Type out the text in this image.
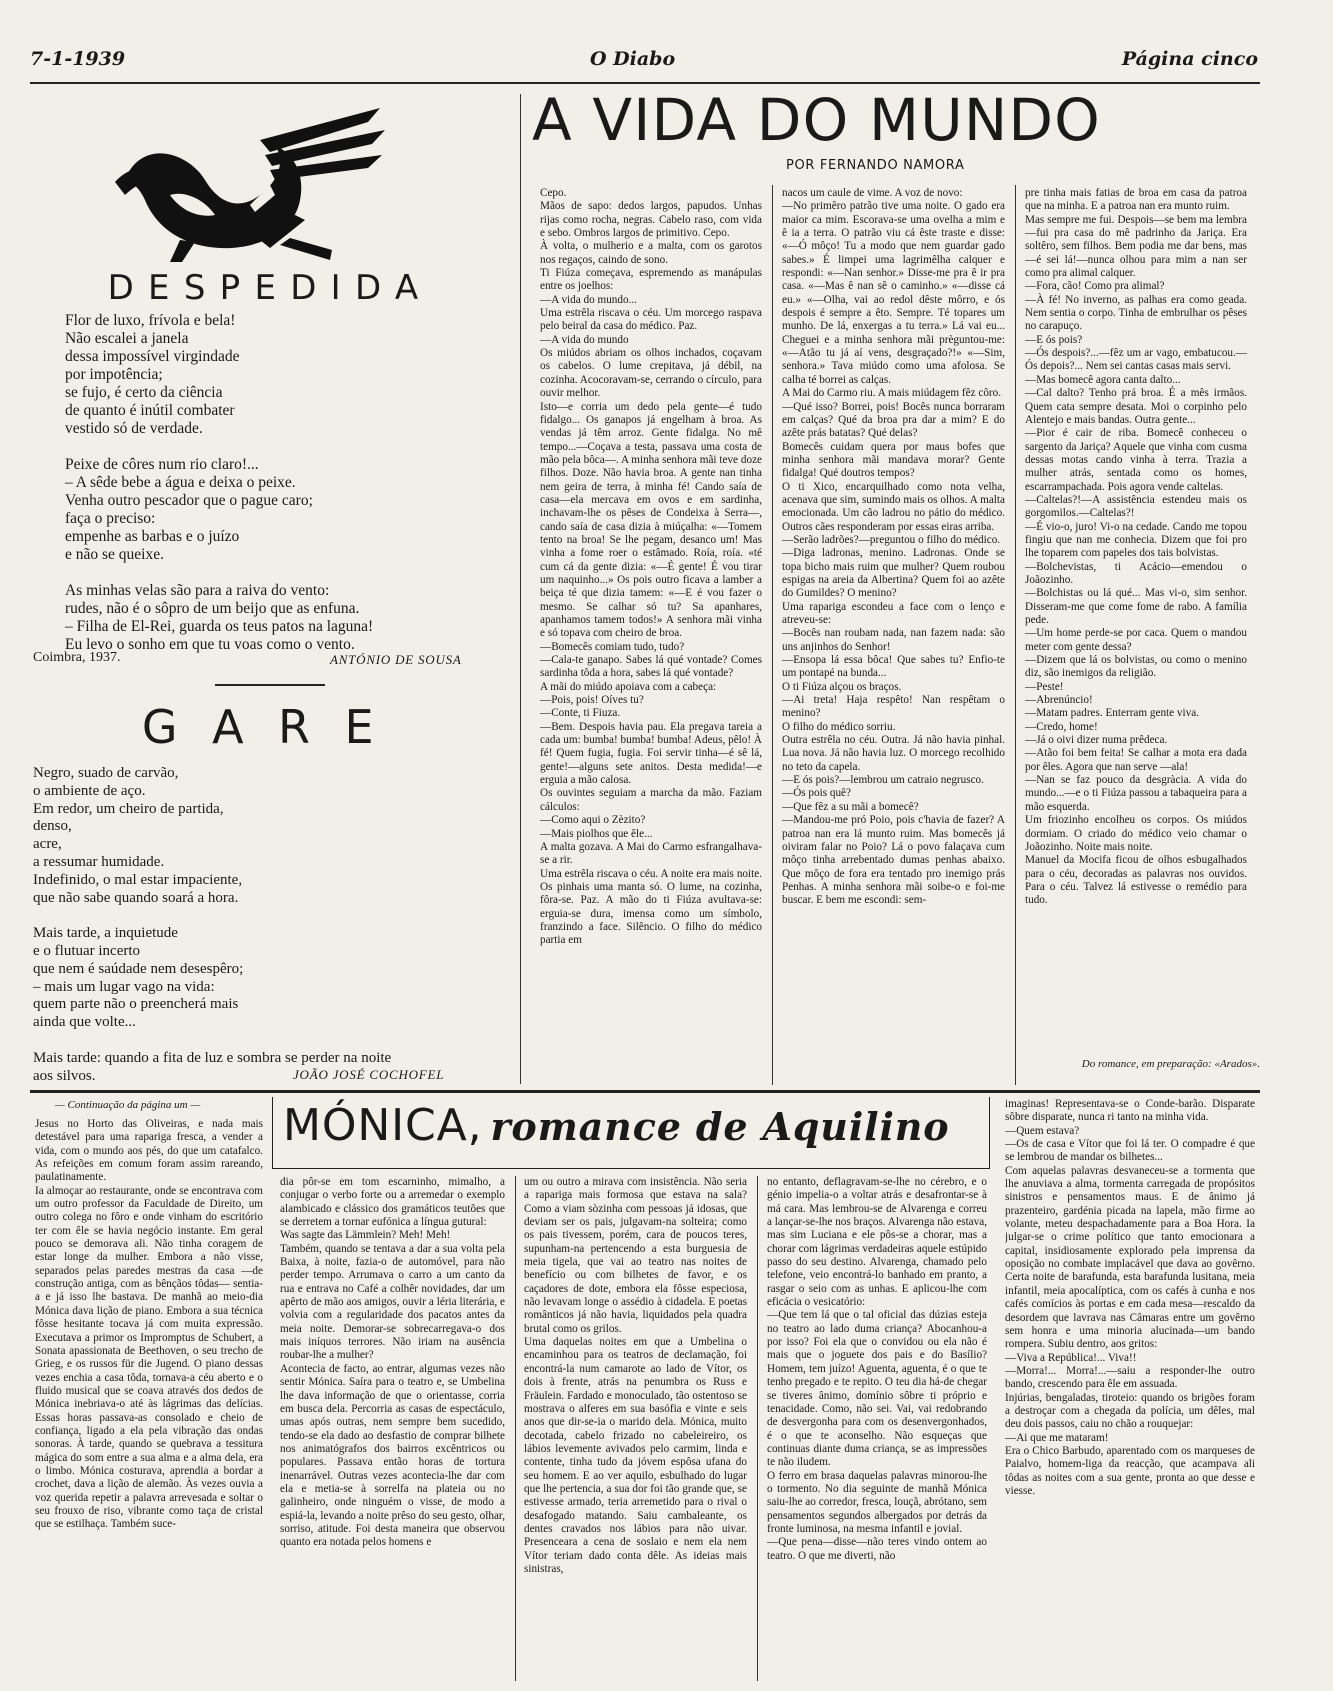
7-1-1939	O Diabo	Página cinco
DESPEDIDA
Flor de luxo, frívola e bela!
Não escalei a janela
dessa impossível virgindade
por impotência;
se fujo, é certo da ciência
de quanto é inútil combater
vestido só de verdade.

Peixe de côres num rio claro!...
– A sêde bebe a água e deixa o peixe.
Venha outro pescador que o pague caro;
faça o preciso:
empenhe as barbas e o juízo
e não se queixe.

As minhas velas são para a raiva do vento:
rudes, não é o sôpro de um beijo que as enfuna.
– Filha de El-Rei, guarda os teus patos na laguna!
Eu levo o sonho em que tu voas como o vento.
Coimbra, 1937.	ANTÓNIO DE SOUSA
GARE
Negro, suado de carvão,
o ambiente de aço.
Em redor, um cheiro de partida,
denso,
acre,
a ressumar humidade.
Indefinido, o mal estar impaciente,
que não sabe quando soará a hora.

Mais tarde, a inquietude
e o flutuar incerto
que nem é saúdade nem desespêro;
– mais um lugar vago na vida:
quem parte não o preencherá mais
ainda que volte...

Mais tarde: quando a fita de luz e sombra se perder na noite
aos silvos.	JOÃO JOSÉ COCHOFEL
A VIDA DO MUNDO
POR FERNANDO NAMORA
Cepo.
Mãos de sapo: dedos largos, papudos. Unhas rijas como rocha, negras. Cabelo raso, com vida e sebo. Ombros largos de primitivo. Cepo.
À volta, o mulherio e a malta, com os garotos nos regaços, caindo de sono.
Ti Fiúza começava, espremendo as manápulas entre os joelhos:
—A vida do mundo...
Uma estrêla riscava o céu. Um morcego raspava pelo beiral da casa do médico. Paz.
—A vida do mundo
Os miúdos abriam os olhos inchados, coçavam os cabelos. O lume crepitava, já débil, na cozinha. Acocoravam-se, cerrando o círculo, para ouvir melhor.
Isto—e corria um dedo pela gente—é tudo fidalgo... Os ganapos já engelham à broa. As vendas já têm arroz. Gente fidalga. No mê tempo...—Coçava a testa, passava uma costa de mão pela bôca—. A minha senhora mãi teve doze filhos. Doze. Não havia broa. A gente nan tinha nem geira de terra, à minha fé! Cando saía de casa—ela mercava em ovos e em sardinha, inchavam-lhe os pêses de Condeixa à Serra—, cando saía de casa dizia à miúçalha: «—Tomem tento na broa! Se lhe pegam, desanco um! Mas vinha a fome roer o estâmado. Roía, roía. «té cum cá da gente dizia: «—É gente! É vou tirar um naquinho...» Os pois outro ficava a lamber a beiça té que dizia tamem: «—E é vou fazer o mesmo. Se calhar só tu? Sa apanhares, apanhamos tamem todos!» A senhora mãi vinha e só topava com cheiro de broa.
—Bomecês comiam tudo, tudo?
—Cala-te ganapo. Sabes lá qué vontade? Comes sardinha tôda a hora, sabes lá qué vontade?
A mãi do miúdo apoiava com a cabeça:
—Pois, pois! Oíves tu?
—Conte, ti Fiuza.
—Bem. Despois havia pau. Ela pregava tareia a cada um: bumba! bumba! bumba! Adeus, pêlo! À fé! Quem fugia, fugia. Foi servir tinha—é sê lá, gente!—alguns sete anitos. Desta medida!—e erguia a mão calosa.
Os ouvintes seguiam a marcha da mão. Faziam cálculos:
—Como aqui o Zèzito?
—Mais piolhos que êle...
A malta gozava. A Mai do Carmo esfrangalhava-se a rir.
Uma estrêla riscava o céu. A noite era mais noite. Os pinhais uma manta só. O lume, na cozinha, fôra-se. Paz. A mão do ti Fiúza avultava-se: erguia-se dura, imensa como um símbolo, franzindo a face. Silêncio. O filho do médico partia em
nacos um caule de vime. A voz de novo:
—No primêro patrão tive uma noite. O gado era maior ca mim. Escorava-se uma ovelha a mim e ê ia a terra. O patrão viu cá êste traste e disse: «—Ó môço! Tu a modo que nem guardar gado sabes.» É limpei uma lagrimêlha calquer e respondi: «—Nan senhor.» Disse-me pra ê ir pra casa. «—Mas ê nan sê o caminho.» «—disse cá eu.» «—Olha, vai ao redol dêste môrro, e ós despois é sempre a êto. Sempre. Té topares um munho. De lá, enxergas a tu terra.» Lá vai eu... Cheguei e a minha senhora mãi prèguntou-me: «—Atão tu já aí vens, desgraçado?!» «—Sim, senhora.» Tava miúdo como uma afolosa. Se calha té borrei as calças.
A Mai do Carmo riu. A mais miúdagem fêz côro.
—Qué isso? Borrei, pois! Bocês nunca borraram em calças? Qué da broa pra dar a mim? E do azête prás batatas? Qué delas?
Bomecês cuidam quera por maus bofes que minha senhora mãi mandava morar? Gente fidalga! Qué doutros tempos?
O ti Xico, encarquilhado como nota velha, acenava que sim, sumindo mais os olhos. A malta emocionada. Um cão ladrou no pátio do médico. Outros cães responderam por essas eiras arriba.
—Serão ladrões?—preguntou o filho do médico.
—Diga ladronas, menino. Ladronas. Onde se topa bicho mais ruim que mulher? Quem roubou espigas na areia da Albertina? Quem foi ao azête do Gumildes? O menino?
Uma rapariga escondeu a face com o lenço e atreveu-se:
—Bocês nan roubam nada, nan fazem nada: são uns anjinhos do Senhor!
—Ensopa lá essa bôca! Que sabes tu? Enfio-te um pontapé na bunda...
O ti Fiúza alçou os braços.
—Ai treta! Haja respêto! Nan respêtam o menino?
O filho do médico sorriu.
Outra estrêla no céu. Outra. Já não havia pinhal. Lua nova. Já não havia luz. O morcego recolhido no teto da capela.
—E ós pois?—lembrou um catraio negrusco.
—Ós pois quê?
—Que fêz a su mãi a bomecê?
—Mandou-me pró Poio, pois c'havia de fazer? A patroa nan era lá munto ruim. Mas bomecês já oiviram falar no Poio? Lá o povo falaçava cum môço tinha arrebentado dumas penhas abaixo. Que môço de fora era tentado pro inemigo prás Penhas. A minha senhora mãi soibe-o e foi-me buscar. E bem me escondi: sem-
pre tinha mais fatias de broa em casa da patroa que na minha. E a patroa nan era munto ruim.
Mas sempre me fui. Despois—se bem ma lembra—fui pra casa do mê padrinho da Jariça. Era soltêro, sem filhos. Bem podia me dar bens, mas—é sei lá!—nunca olhou para mim a nan ser como pra alimal calquer.
—Fora, cão! Como pra alimal?
—À fé! No inverno, as palhas era como geada. Nem sentia o corpo. Tinha de embrulhar os pêses no carapuço.
—E ós pois?
—Ós despois?...—fêz um ar vago, embatucou.—Ós depois?... Nem sei cantas casas mais servi.
—Mas bomecê agora canta dalto...
—Cal dalto? Tenho prá broa. É a mês irmãos. Quem cata sempre desata. Moi o corpinho pelo Alentejo e mais bandas. Outra gente...
—Pior é cair de riba. Bomecê conheceu o sargento da Jariça? Aquele que vinha com cusma dessas motas cando vinha à terra. Trazia a mulher atrás, sentada como os homes, escarrampachada. Pois agora vende caltelas.
—Caltelas?!—A assistência estendeu mais os gorgomilos.—Caltelas?!
—É vio-o, juro! Vi-o na cedade. Cando me topou fingiu que nan me conhecia. Dizem que foi pro lhe toparem com papeles dos tais bolvistas.
—Bolchevistas, ti Acácio—emendou o Joãozinho.
—Bolchistas ou lá qué... Mas vi-o, sim senhor. Disseram-me que come fome de rabo. A família pede.
—Um home perde-se por caca. Quem o mandou meter com gente dessa?
—Dizem que lá os bolvistas, ou como o menino diz, são inemigos da religião.
—Peste!
—Abrenúncio!
—Matam padres. Enterram gente viva.
—Credo, home!
—Já o oivi dizer numa prêdeca.
—Atão foi bem feita! Se calhar a mota era dada por êles. Agora que nan serve —ala!
—Nan se faz pouco da desgràcia. A vida do mundo...—e o ti Fiúza passou a tabaqueira para a mão esquerda.
Um friozinho encolheu os corpos. Os miúdos dormiam. O criado do médico veio chamar o Joãozinho. Noite mais noite.
Manuel da Mocifa ficou de olhos esbugalhados para o céu, decoradas as palavras nos ouvidos. Para o céu. Talvez lá estivesse o remédio para tudo.
Do romance, em preparação: «Arados».
— Continuação da página um — MÓNICA, romance de Aquilino
Jesus no Horto das Oliveiras, e nada mais detestável para uma rapariga fresca, a vender a vida, com o mundo aos pés, do que um catafalco. As refeições em comum foram assim rareando, paulatinamente.
Ia almoçar ao restaurante, onde se encontrava com um outro professor da Faculdade de Direito, um outro colega no fôro e onde vinham do escritório ter com êle se havia negócio instante. Em geral pouco se demorava ali. Não tinha coragem de estar longe da mulher. Embora a não visse, separados pelas paredes mestras da casa —de construção antiga, com as bênçãos tôdas— sentia-a e já isso lhe bastava. De manhã ao meio-dia Mónica dava lição de piano. Embora a sua técnica fôsse hesitante tocava já com muita expressão. Executava a primor os Impromptus de Schubert, a Sonata apassionata de Beethoven, o seu trecho de Grieg, e os russos für die Jugend. O piano dessas vezes enchia a casa tôda, tornava-a céu aberto e o fluido musical que se coava através dos dedos de Mónica inebriava-o até às lágrimas das delícias. Essas horas passava-as consolado e cheio de confiança, ligado a ela pela vibração das ondas sonoras. À tarde, quando se quebrava a tessitura mágica do som entre a sua alma e a alma dela, era o limbo. Mónica costurava, aprendia a bordar a crochet, dava a lição de alemão. Às vezes ouvia a voz querida repetir a palavra arrevesada e soltar o seu frouxo de riso, vibrante como taça de cristal que se estilhaça. Também suce-
dia pôr-se em tom escarninho, mimalho, a conjugar o verbo forte ou a arremedar o exemplo alambicado e clássico dos gramáticos teutões que se derretem a tornar eufónica a língua gutural:
Was sagte das Lämmlein? Meh! Meh!
Também, quando se tentava a dar a sua volta pela Baixa, à noite, fazia-o de automóvel, para não perder tempo. Arrumava o carro a um canto da rua e entrava no Café a colhêr novidades, dar um apêrto de mão aos amigos, ouvir a léria literária, e volvia com a regularidade dos pacatos antes da meia noite. Demorar-se sobrecarregava-o dos mais iníquos terrores. Não iriam na ausência roubar-lhe a mulher?
Acontecia de facto, ao entrar, algumas vezes não sentir Mónica. Saíra para o teatro e, se Umbelina lhe dava informação de que o orientasse, corria em busca dela. Percorria as casas de espectáculo, umas após outras, nem sempre bem sucedido, tendo-se ela dado ao desfastio de comprar bilhete nos animatógrafos dos bairros excêntricos ou populares. Passava então horas de tortura inenarrável. Outras vezes acontecia-lhe dar com ela e metia-se à sorrelfa na plateia ou no galinheiro, onde ninguém o visse, de modo a espiá-la, levando a noite prêso do seu gesto, olhar, sorriso, atitude. Foi desta maneira que observou quanto era notada pelos homens e
um ou outro a mirava com insistência. Não seria a rapariga mais formosa que estava na sala? Como a viam sòzinha com pessoas já idosas, que deviam ser os pais, julgavam-na solteira; como os pais tivessem, porém, cara de poucos teres, supunham-na pertencendo a esta burguesia de meia tigela, que vai ao teatro nas noites de benefício ou com bilhetes de favor, e os caçadores de dote, embora ela fôsse especiosa, não levavam longe o assédio à cidadela. E poetas românticos já não havia, liquidados pela quadra brutal como os grilos.
Uma daquelas noites em que a Umbelina o encaminhou para os teatros de declamação, foi encontrá-la num camarote ao lado de Vítor, os dois à frente, atrás na penumbra os Russ e Fräulein. Fardado e monoculado, tão ostentoso se mostrava o alferes em sua basófia e vinte e seis anos que dir-se-ia o marido dela. Mónica, muito decotada, cabelo frizado no cabeleireiro, os lábios levemente avivados pelo carmim, linda e contente, tinha tudo da jóvem espôsa ufana do seu homem. E ao ver aquilo, esbulhado do lugar que lhe pertencia, a sua dor foi tão grande que, se estivesse armado, teria arremetido para o rival o desafogado matando. Saiu cambaleante, os dentes cravados nos lábios para não uivar. Presenceara a cena de soslaio e nem ela nem Vítor teriam dado conta dêle. As ideias mais sinistras,
no entanto, deflagravam-se-lhe no cérebro, e o génio impelia-o a voltar atrás e desafrontar-se à má cara. Mas lembrou-se de Alvarenga e correu a lançar-se-lhe nos braços. Alvarenga não estava, mas sim Luciana e ele pôs-se a chorar, mas a chorar com lágrimas verdadeiras aquele estúpido passo do seu destino. Alvarenga, chamado pelo telefone, veio encontrá-lo banhado em pranto, a rasgar o seio com as unhas. E aplicou-lhe com eficácia o vesicatório:
—Que tem lá que o tal oficial das dúzias esteja no teatro ao lado duma criança? Abocanhou-a por isso? Foi ela que o convidou ou ela não é mais que o joguete dos pais e do Basílio? Homem, tem juízo! Aguenta, aguenta, é o que te tenho pregado e te repito. O teu dia há-de chegar se tiveres ânimo, domínio sôbre ti próprio e tenacidade. Como, não sei. Vai, vai redobrando de desvergonha para com os desenvergonhados, é o que te aconselho. Não esqueças que continuas diante duma criança, se as impressões te não iludem.
O ferro em brasa daquelas palavras minorou-lhe o tormento. No dia seguinte de manhã Mónica saiu-lhe ao corredor, fresca, louçã, abrótano, sem pensamentos segundos albergados por detrás da fronte luminosa, na mesma infantil e jovial.
—Que pena—disse—não teres vindo ontem ao teatro. O que me diverti, não
imaginas! Representava-se o Conde-barão. Disparate sôbre disparate, nunca ri tanto na minha vida.
—Quem estava?
—Os de casa e Vítor que foi lá ter. O compadre é que se lembrou de mandar os bilhetes...
Com aquelas palavras desvaneceu-se a tormenta que lhe anuviava a alma, tormenta carregada de propósitos sinistros e pensamentos maus. E de ânimo já prazenteiro, gardénia picada na lapela, mão firme ao volante, meteu despachadamente para a Boa Hora. Ia julgar-se o crime político que tanto emocionara a capital, insidiosamente explorado pela imprensa da oposição no combate implacável que dava ao govêrno. Certa noite de barafunda, esta barafunda lusitana, meia infantil, meia apocalíptica, com os cafés à cunha e nos cafés comícios às portas e em cada mesa—rescaldo da desordem que lavrava nas Câmaras entre um govêrno sem honra e uma minoria alucinada—um bando rompera. Subiu dentro, aos gritos:
—Viva a República!... Viva!!
—Morra!... Morra!...—saiu a responder-lhe outro bando, crescendo para êle em assuada.
Injúrias, bengaladas, tiroteio: quando os brigões foram a destroçar com a chegada da polícia, um dêles, mal deu dois passos, caiu no chão a rouquejar:
—Ai que me mataram!
Era o Chico Barbudo, aparentado com os marqueses de Paialvo, homem-liga da reacção, que acampava ali tôdas as noites com a sua gente, pronta ao que desse e viesse.
